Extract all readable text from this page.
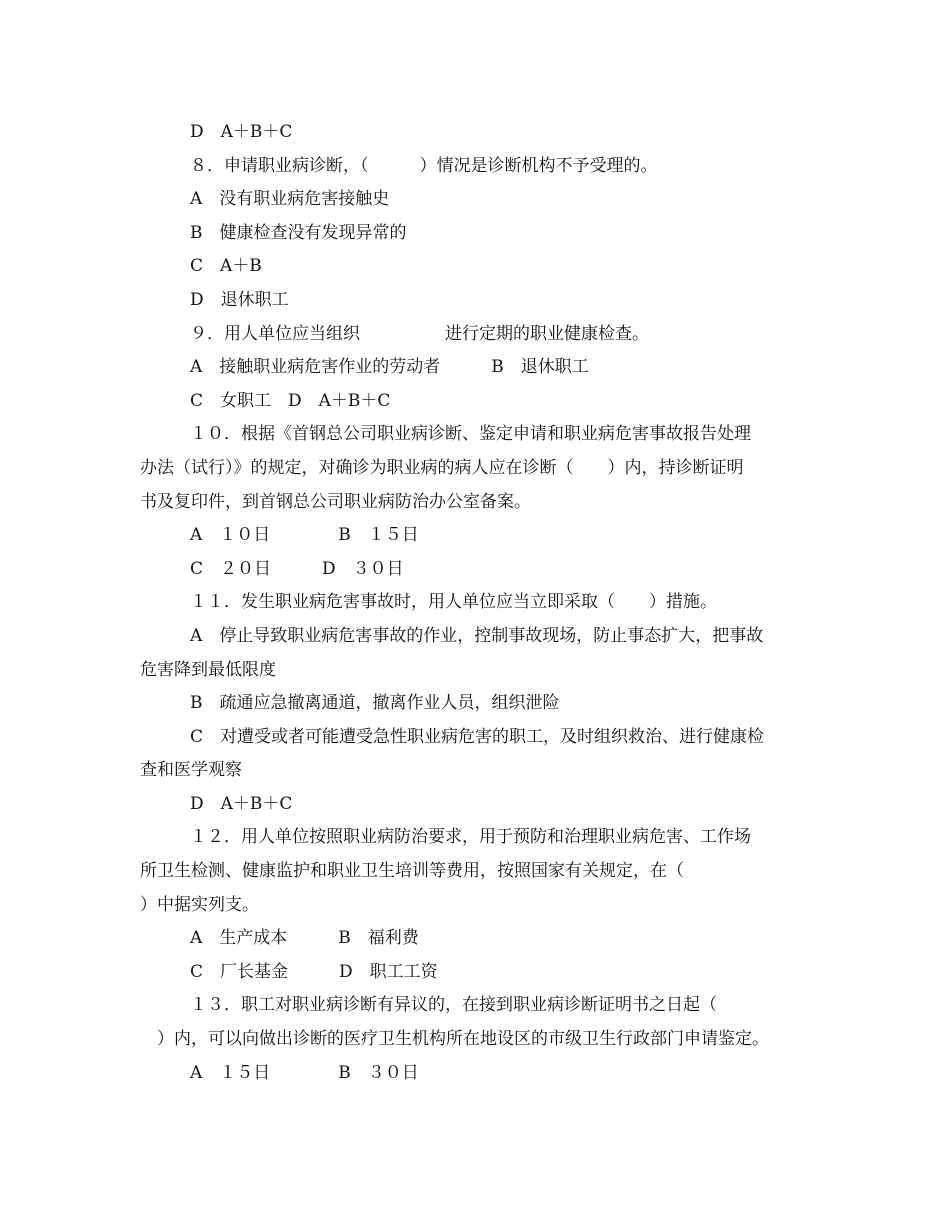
D　A＋B＋C
８．申请职业病诊断，（　　　）情况是诊断机构不予受理的。
A　没有职业病危害接触史
B　健康检查没有发现异常的
C　A＋B
D　退休职工
９．用人单位应当组织　　　　　进行定期的职业健康检查。
A　接触职业病危害作业的劳动者　　　B　退休职工
C　女职工　D　A＋B＋C
１０．根据《首钢总公司职业病诊断、鉴定申请和职业病危害事故报告处理
办法（试行）》的规定，对确诊为职业病的病人应在诊断（　　）内，持诊断证明
书及复印件，到首钢总公司职业病防治办公室备案。
A　１０日　　　　B　１５日
C　２０日　　　D　３０日
１１．发生职业病危害事故时，用人单位应当立即采取（　　）措施。
A　停止导致职业病危害事故的作业，控制事故现场，防止事态扩大，把事故
危害降到最低限度
B　疏通应急撤离通道，撤离作业人员，组织泄险
C　对遭受或者可能遭受急性职业病危害的职工，及时组织救治、进行健康检
查和医学观察
D　A＋B＋C
１２．用人单位按照职业病防治要求，用于预防和治理职业病危害、工作场
所卫生检测、健康监护和职业卫生培训等费用，按照国家有关规定，在（
）中据实列支。
A　生产成本　　　B　福利费
C　厂长基金　　　D　职工工资
１３．职工对职业病诊断有异议的，在接到职业病诊断证明书之日起（
　）内，可以向做出诊断的医疗卫生机构所在地设区的市级卫生行政部门申请鉴定。
A　１５日　　　　B　３０日
